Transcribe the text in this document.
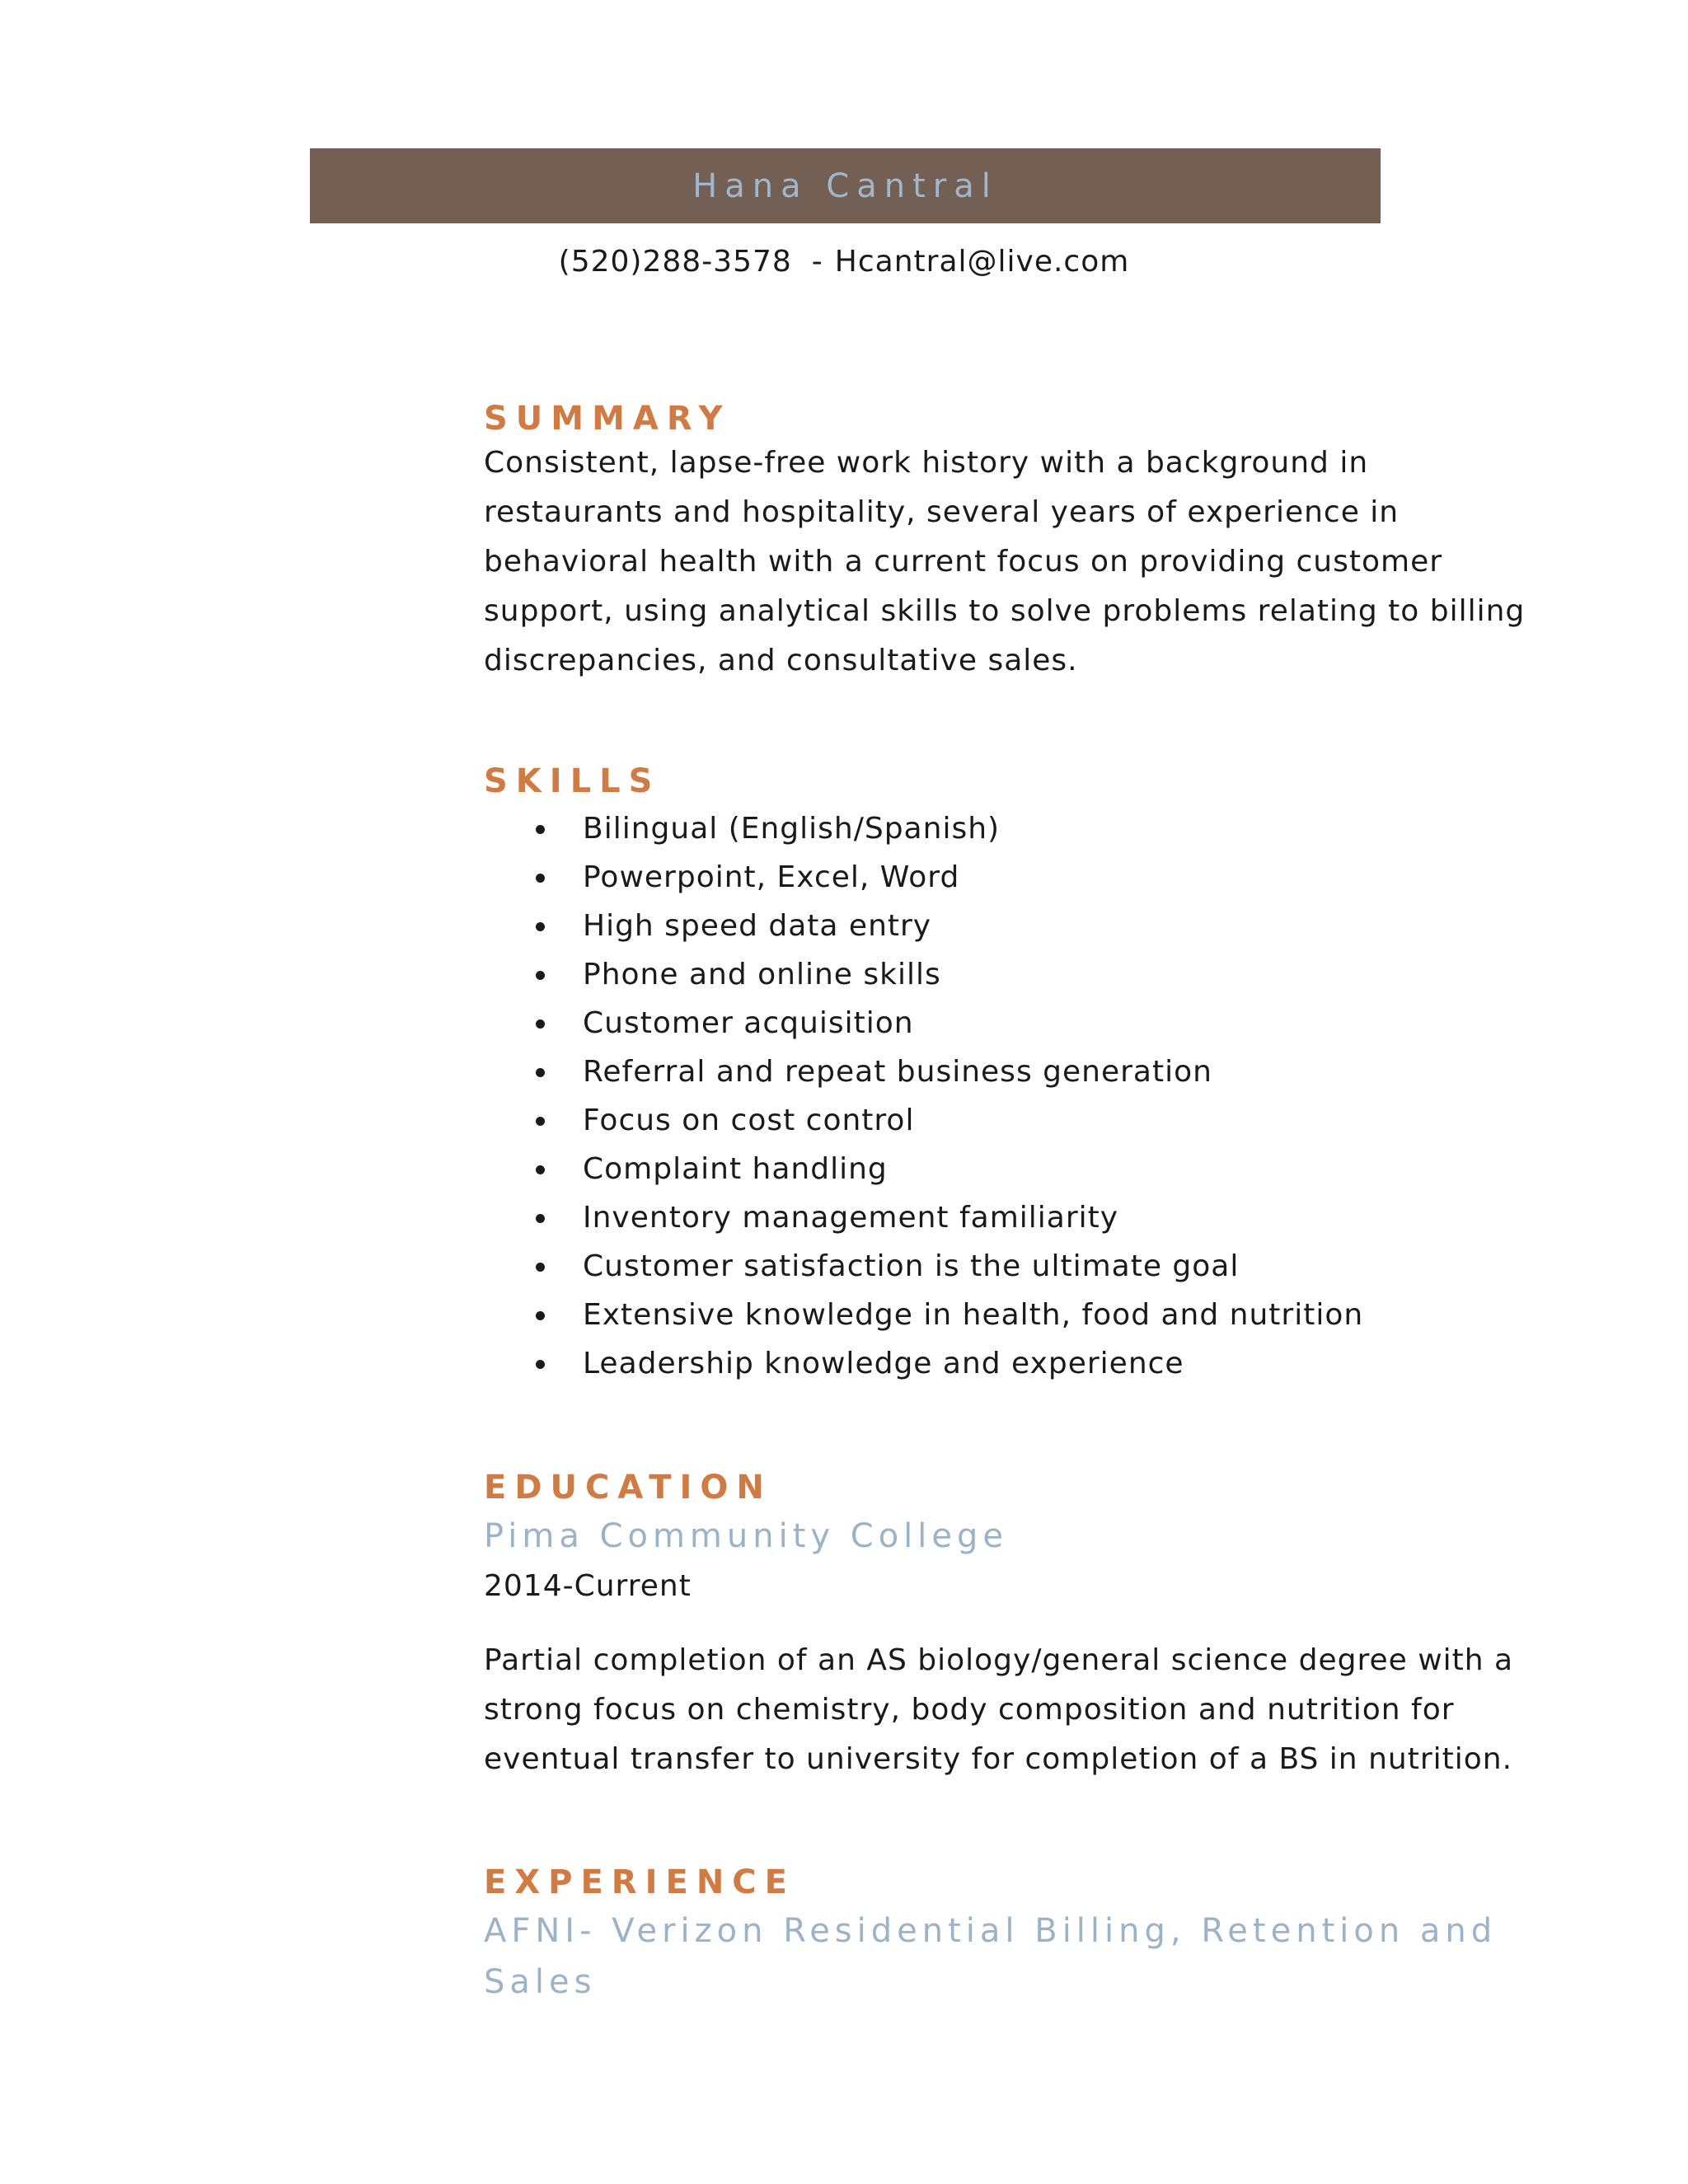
Hana Cantral
(520)288-3578 - Hcantral@live.com
SUMMARY

Consistent, lapse-free work history with a background in
restaurants and hospitality, several years of experience in
behavioral health with a current focus on providing customer
support, using analytical skills to solve problems relating to billing
discrepancies, and consultative sales.

SKILLS
Bilingual (English/Spanish)
Powerpoint, Excel, Word
High speed data entry
Phone and online skills
Customer acquisition
Referral and repeat business generation
Focus on cost control
Complaint handling
Inventory management familiarity
Customer satisfaction is the ultimate goal
Extensive knowledge in health, food and nutrition
Leadership knowledge and experience
EDUCATION

Pima Community College

2014-Current

Partial completion of an AS biology/general science degree with a
strong focus on chemistry, body composition and nutrition for
eventual transfer to university for completion of a BS in nutrition.

EXPERIENCE

AFNI- Verizon Residential Billing, Retention and
Sales
